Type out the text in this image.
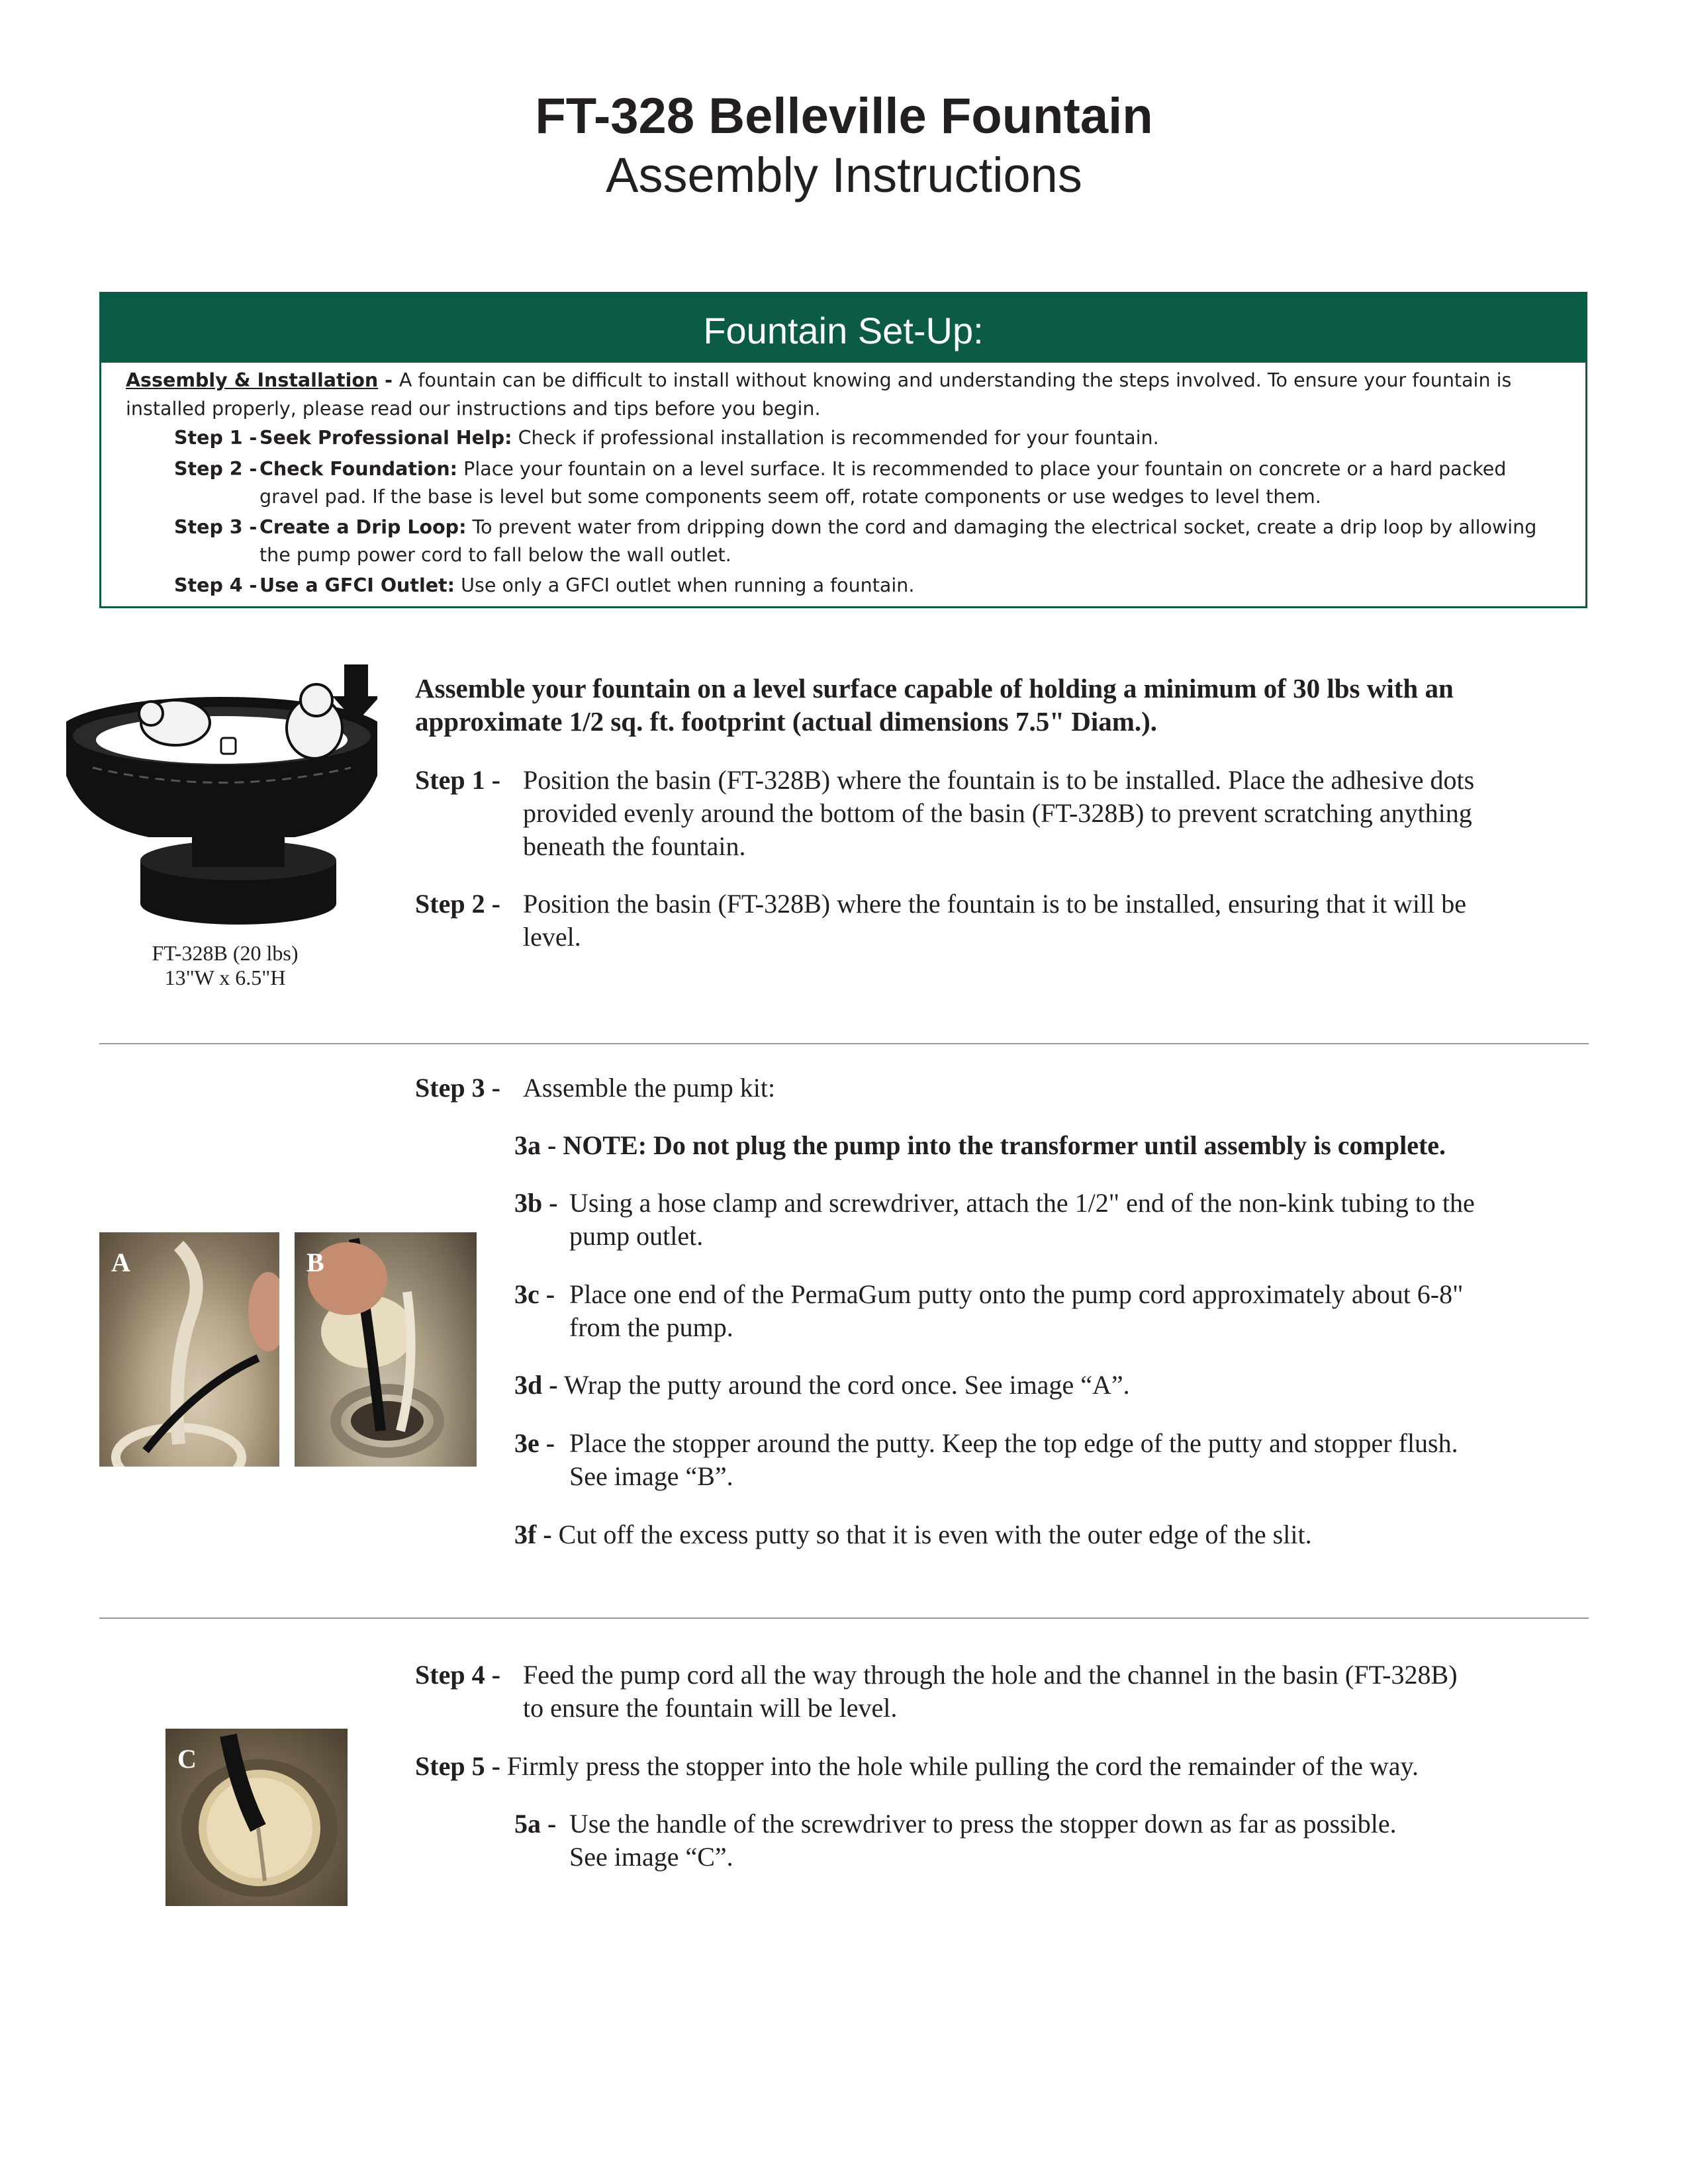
FT-328 Belleville Fountain
Assembly Instructions
Fountain Set-Up:
Assembly & Installation - A fountain can be difficult to install without knowing and understanding the steps involved. To ensure your fountain is
installed properly, please read our instructions and tips before you begin.
Step 1 - Seek Professional Help: Check if professional installation is recommended for your fountain.
Step 2 - Check Foundation: Place your fountain on a level surface. It is recommended to place your fountain on concrete or a hard packed
gravel pad. If the base is level but some components seem off, rotate components or use wedges to level them.
Step 3 - Create a Drip Loop: To prevent water from dripping down the cord and damaging the electrical socket, create a drip loop by allowing
the pump power cord to fall below the wall outlet.
Step 4 - Use a GFCI Outlet: Use only a GFCI outlet when running a fountain.
FT-328B (20 lbs)
13"W x 6.5"H
Assemble your fountain on a level surface capable of holding a minimum of 30 lbs with an
approximate 1/2 sq. ft. footprint (actual dimensions 7.5" Diam.).
Step 1 - Position the basin (FT-328B) where the fountain is to be installed. Place the adhesive dots
provided evenly around the bottom of the basin (FT-328B) to prevent scratching anything
beneath the fountain.
Step 2 - Position the basin (FT-328B) where the fountain is to be installed, ensuring that it will be
level.
A	B
Step 3 - Assemble the pump kit:
3a - NOTE: Do not plug the pump into the transformer until assembly is complete.
3b - Using a hose clamp and screwdriver, attach the 1/2" end of the non-kink tubing to the
pump outlet.
3c - Place one end of the PermaGum putty onto the pump cord approximately about 6-8"
from the pump.
3d - Wrap the putty around the cord once. See image “A”.
3e - Place the stopper around the putty. Keep the top edge of the putty and stopper flush.
See image “B”.
3f - Cut off the excess putty so that it is even with the outer edge of the slit.
C
Step 4 - Feed the pump cord all the way through the hole and the channel in the basin (FT-328B)
to ensure the fountain will be level.
Step 5 - Firmly press the stopper into the hole while pulling the cord the remainder of the way.
5a - Use the handle of the screwdriver to press the stopper down as far as possible.
See image “C”.
